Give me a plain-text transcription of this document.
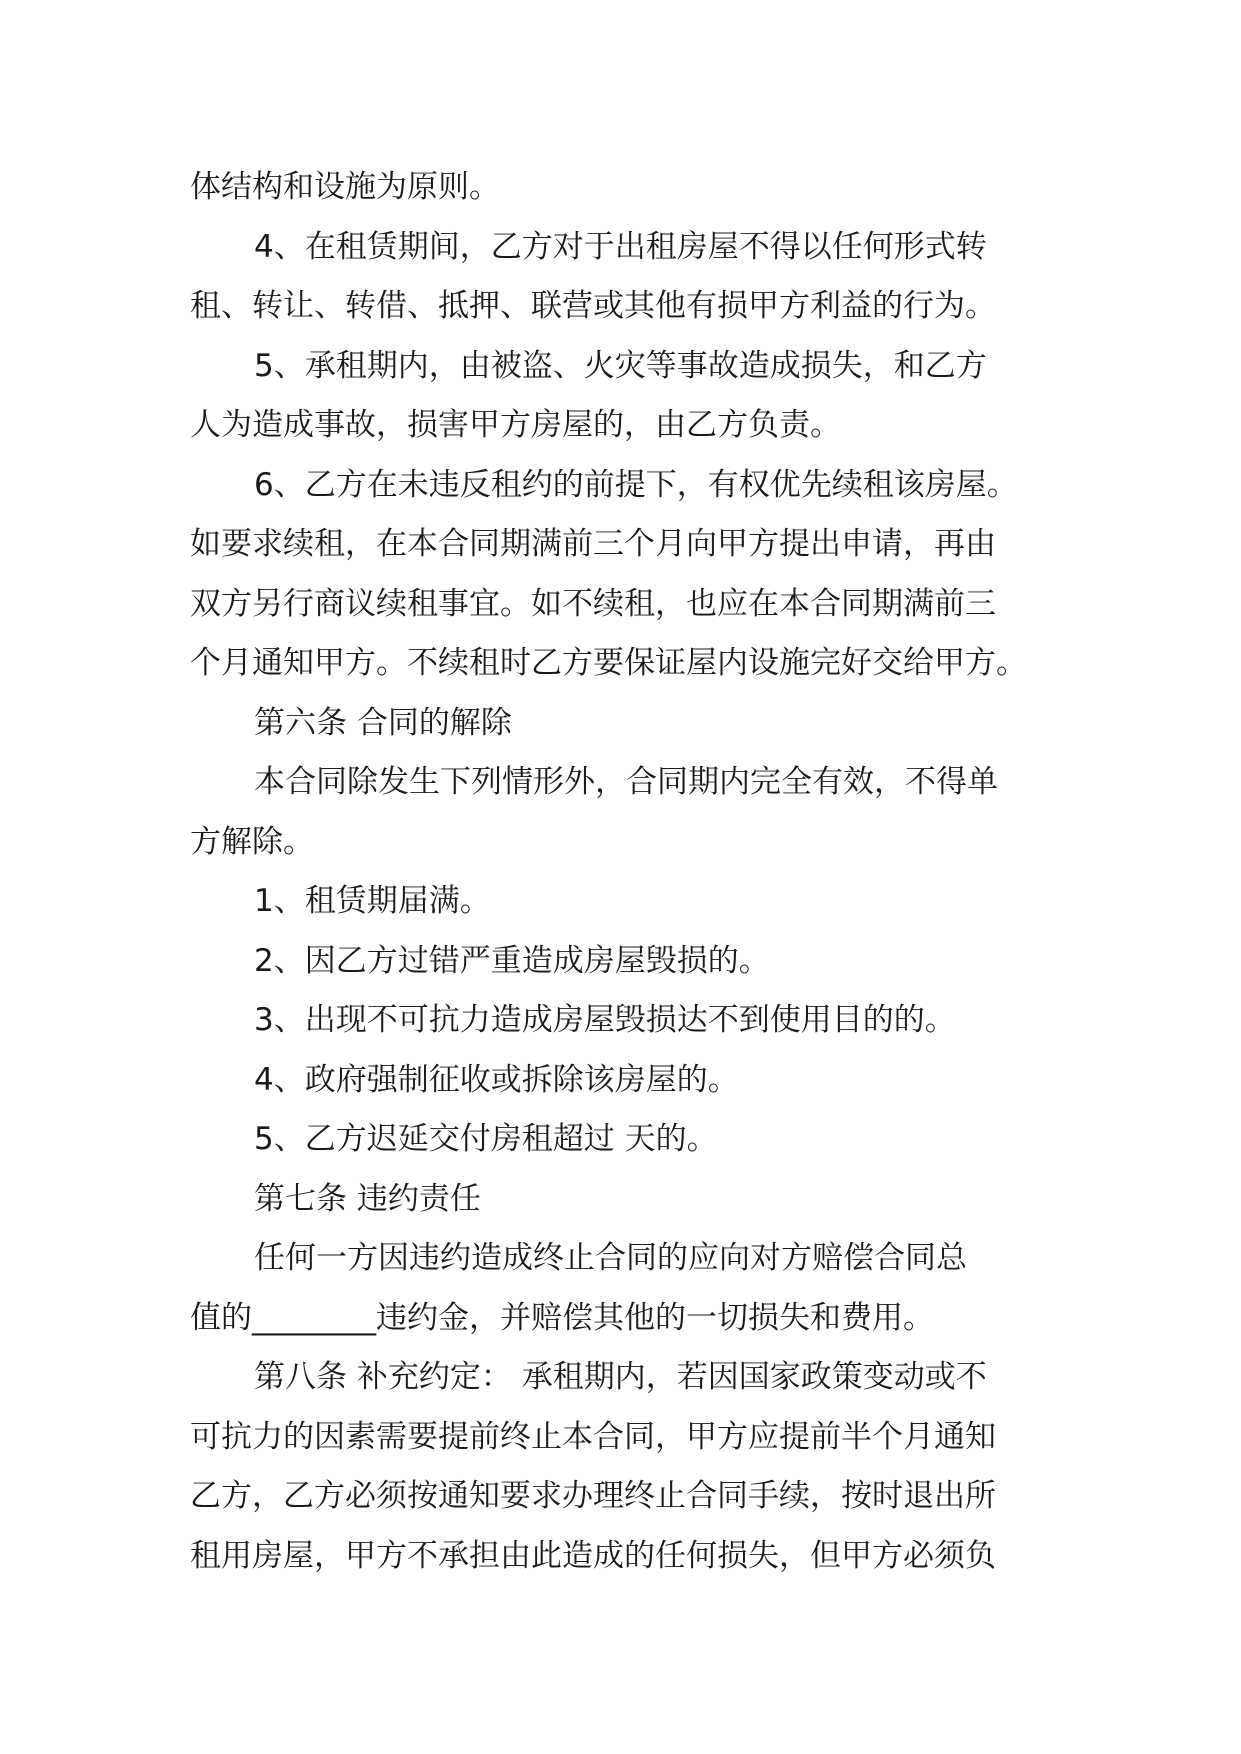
体结构和设施为原则。

4、在租赁期间，乙方对于出租房屋不得以任何形式转
租、转让、转借、抵押、联营或其他有损甲方利益的行为。

5、承租期内，由被盗、火灾等事故造成损失，和乙方
人为造成事故，损害甲方房屋的，由乙方负责。

6、乙方在未违反租约的前提下，有权优先续租该房屋。
如要求续租，在本合同期满前三个月向甲方提出申请，再由
双方另行商议续租事宜。如不续租，也应在本合同期满前三
个月通知甲方。不续租时乙方要保证屋内设施完好交给甲方。

第六条 合同的解除

本合同除发生下列情形外，合同期内完全有效，不得单
方解除。

1、租赁期届满。

2、因乙方过错严重造成房屋毁损的。

3、出现不可抗力造成房屋毁损达不到使用目的的。

4、政府强制征收或拆除该房屋的。

5、乙方迟延交付房租超过 天的。

第七条 违约责任

任何一方因违约造成终止合同的应向对方赔偿合同总
值的________违约金，并赔偿其他的一切损失和费用。

第八条 补充约定： 承租期内，若因国家政策变动或不
可抗力的因素需要提前终止本合同，甲方应提前半个月通知
乙方，乙方必须按通知要求办理终止合同手续，按时退出所
租用房屋，甲方不承担由此造成的任何损失，但甲方必须负
